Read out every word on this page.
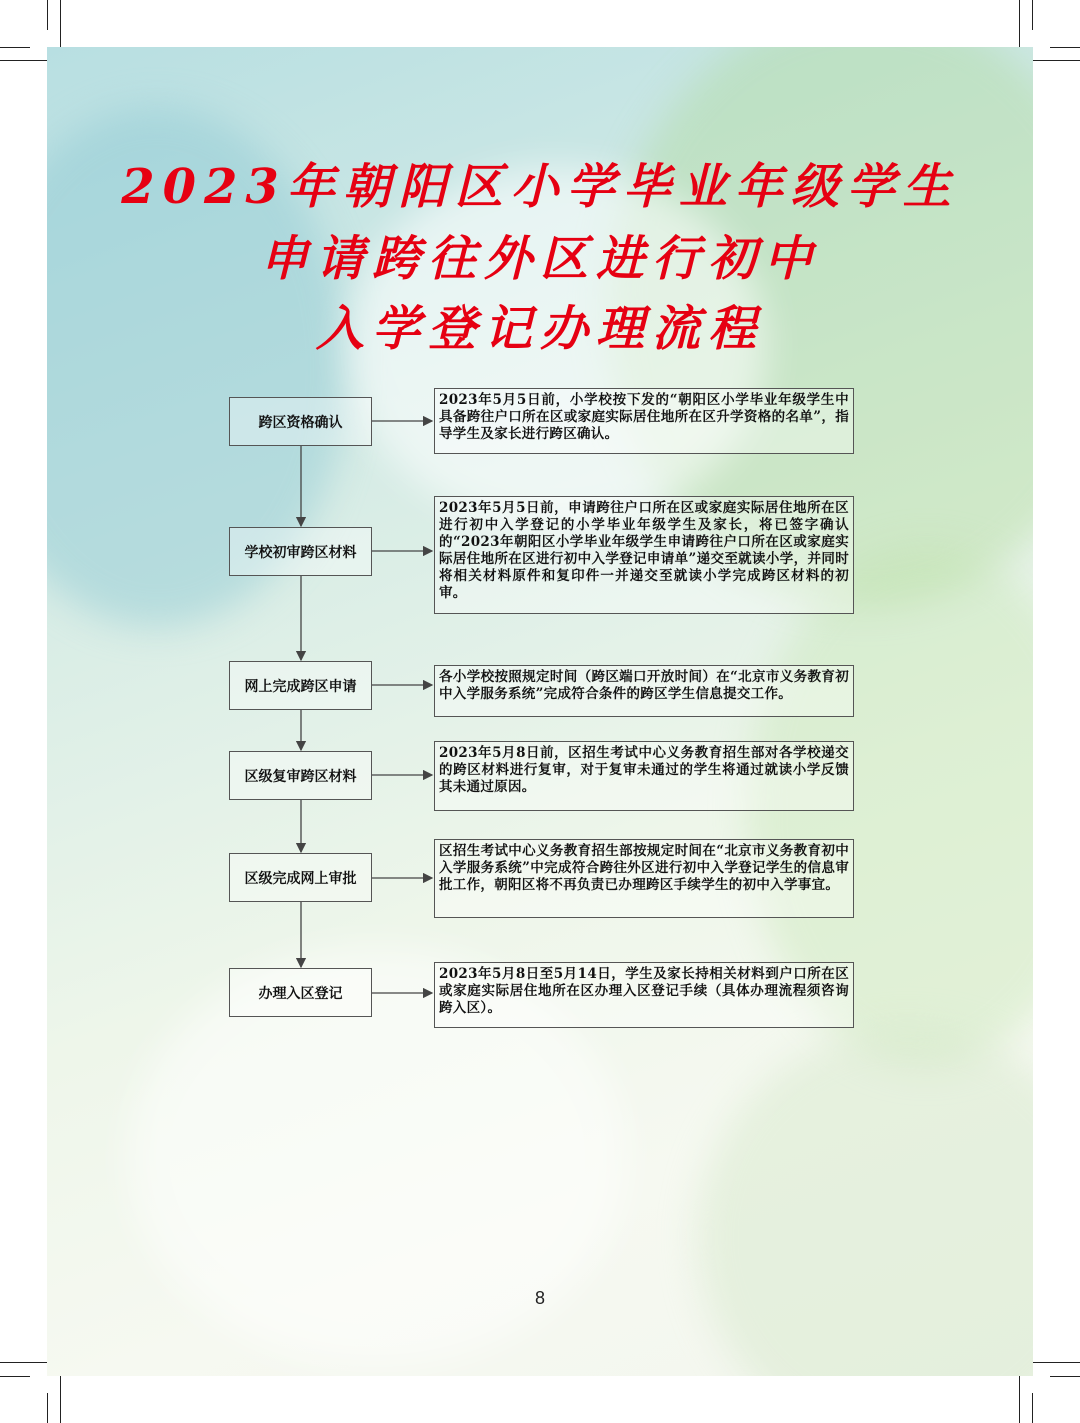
2023年朝阳区小学毕业年级学生
申请跨往外区进行初中
入学登记办理流程
跨区资格确认
学校初审跨区材料
网上完成跨区申请
区级复审跨区材料
区级完成网上审批
办理入区登记
2023年5月5日前，小学校按下发的“朝阳区小学毕业年级学生中具备跨往户口所在区或家庭实际居住地所在区升学资格的名单”，指导学生及家长进行跨区确认。
2023年5月5日前，申请跨往户口所在区或家庭实际居住地所在区进行初中入学登记的小学毕业年级学生及家长，将已签字确认的“2023年朝阳区小学毕业年级学生申请跨往户口所在区或家庭实际居住地所在区进行初中入学登记申请单”递交至就读小学，并同时将相关材料原件和复印件一并递交至就读小学完成跨区材料的初审。
各小学校按照规定时间（跨区端口开放时间）在“北京市义务教育初中入学服务系统”完成符合条件的跨区学生信息提交工作。
2023年5月8日前，区招生考试中心义务教育招生部对各学校递交的跨区材料进行复审，对于复审未通过的学生将通过就读小学反馈其未通过原因。
区招生考试中心义务教育招生部按规定时间在“北京市义务教育初中入学服务系统”中完成符合跨往外区进行初中入学登记学生的信息审批工作，朝阳区将不再负责已办理跨区手续学生的初中入学事宜。
2023年5月8日至5月14日，学生及家长持相关材料到户口所在区或家庭实际居住地所在区办理入区登记手续（具体办理流程须咨询跨入区）。
8
